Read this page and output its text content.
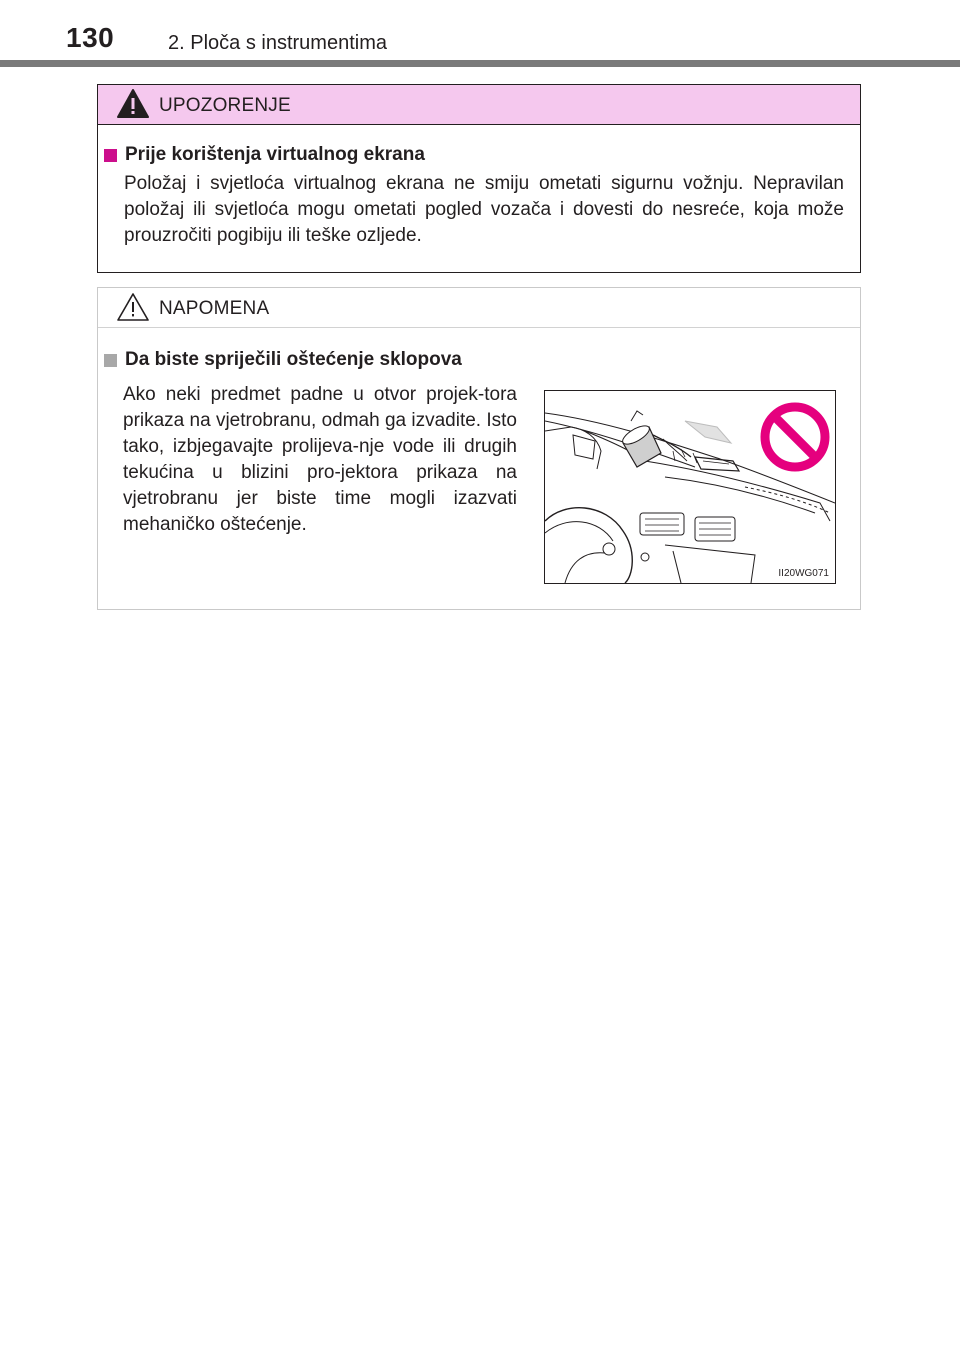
130	2. Ploča s instrumentima
UPOZORENJE
Prije korištenja virtualnog ekrana
Položaj i svjetloća virtualnog ekrana ne smiju ometati sigurnu vožnju. Nepravilan položaj ili svjetloća mogu ometati pogled vozača i dovesti do nesreće, koja može prouzročiti pogibiju ili teške ozljede.
NAPOMENA
Da biste spriječili oštećenje sklopova
Ako neki predmet padne u otvor projek-tora prikaza na vjetrobranu, odmah ga izvadite. Isto tako, izbjegavajte prolijeva-nje vode ili drugih tekućina u blizini pro-jektora prikaza na vjetrobranu jer biste time mogli izazvati mehaničko oštećenje.
II20WG071
